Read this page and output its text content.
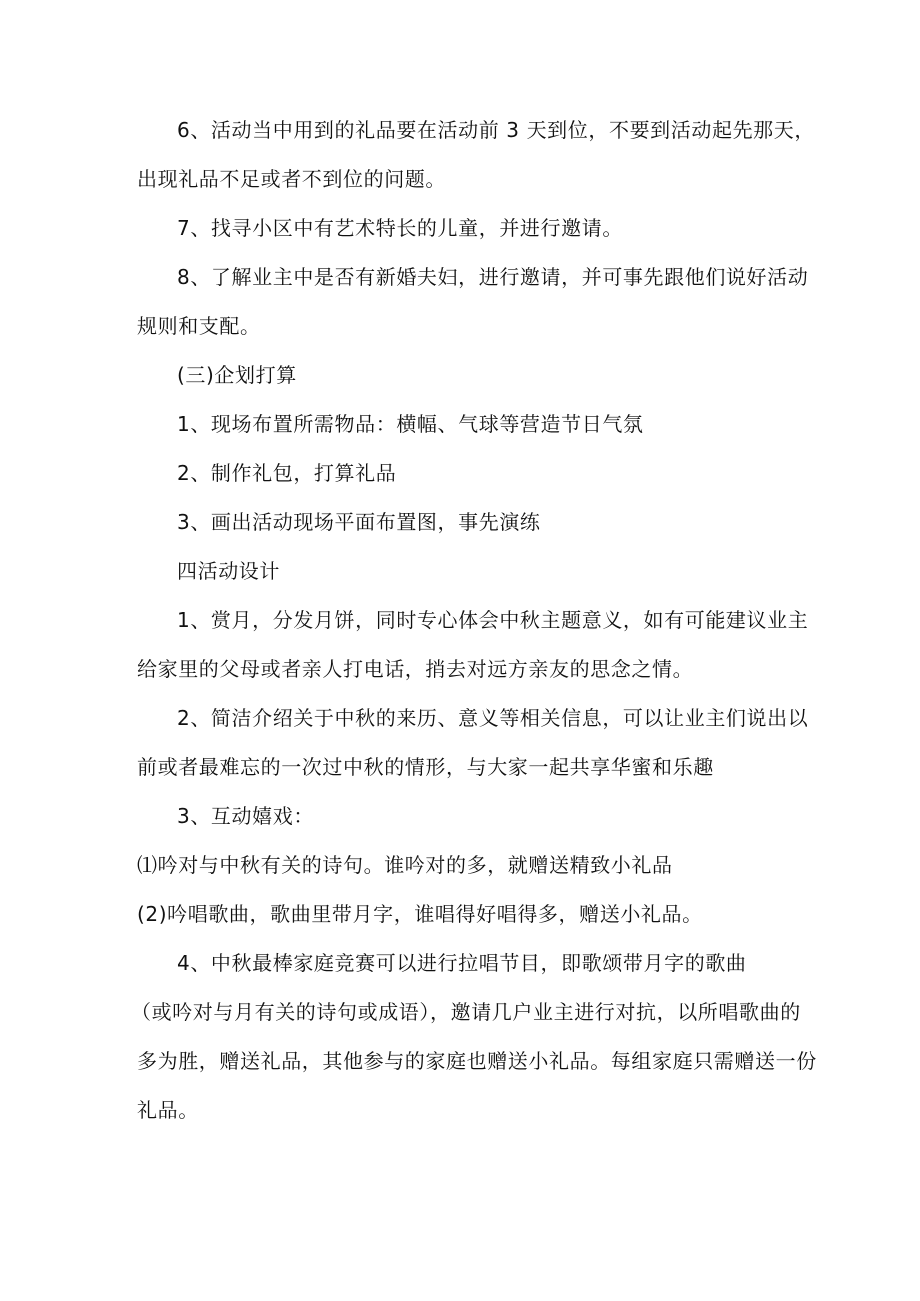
6、活动当中用到的礼品要在活动前 3 天到位，不要到活动起先那天，
出现礼品不足或者不到位的问题。
7、找寻小区中有艺术特长的儿童，并进行邀请。
8、了解业主中是否有新婚夫妇，进行邀请，并可事先跟他们说好活动
规则和支配。
(三)企划打算
1、现场布置所需物品：横幅、气球等营造节日气氛
2、制作礼包，打算礼品
3、画出活动现场平面布置图，事先演练
四活动设计
1、赏月，分发月饼，同时专心体会中秋主题意义，如有可能建议业主
给家里的父母或者亲人打电话，捎去对远方亲友的思念之情。
2、简洁介绍关于中秋的来历、意义等相关信息，可以让业主们说出以
前或者最难忘的一次过中秋的情形，与大家一起共享华蜜和乐趣
3、互动嬉戏：
⑴吟对与中秋有关的诗句。谁吟对的多，就赠送精致小礼品
(2)吟唱歌曲，歌曲里带月字，谁唱得好唱得多，赠送小礼品。
4、中秋最棒家庭竞赛可以进行拉唱节目，即歌颂带月字的歌曲
（或吟对与月有关的诗句或成语），邀请几户业主进行对抗，以所唱歌曲的
多为胜，赠送礼品，其他参与的家庭也赠送小礼品。每组家庭只需赠送一份
礼品。
